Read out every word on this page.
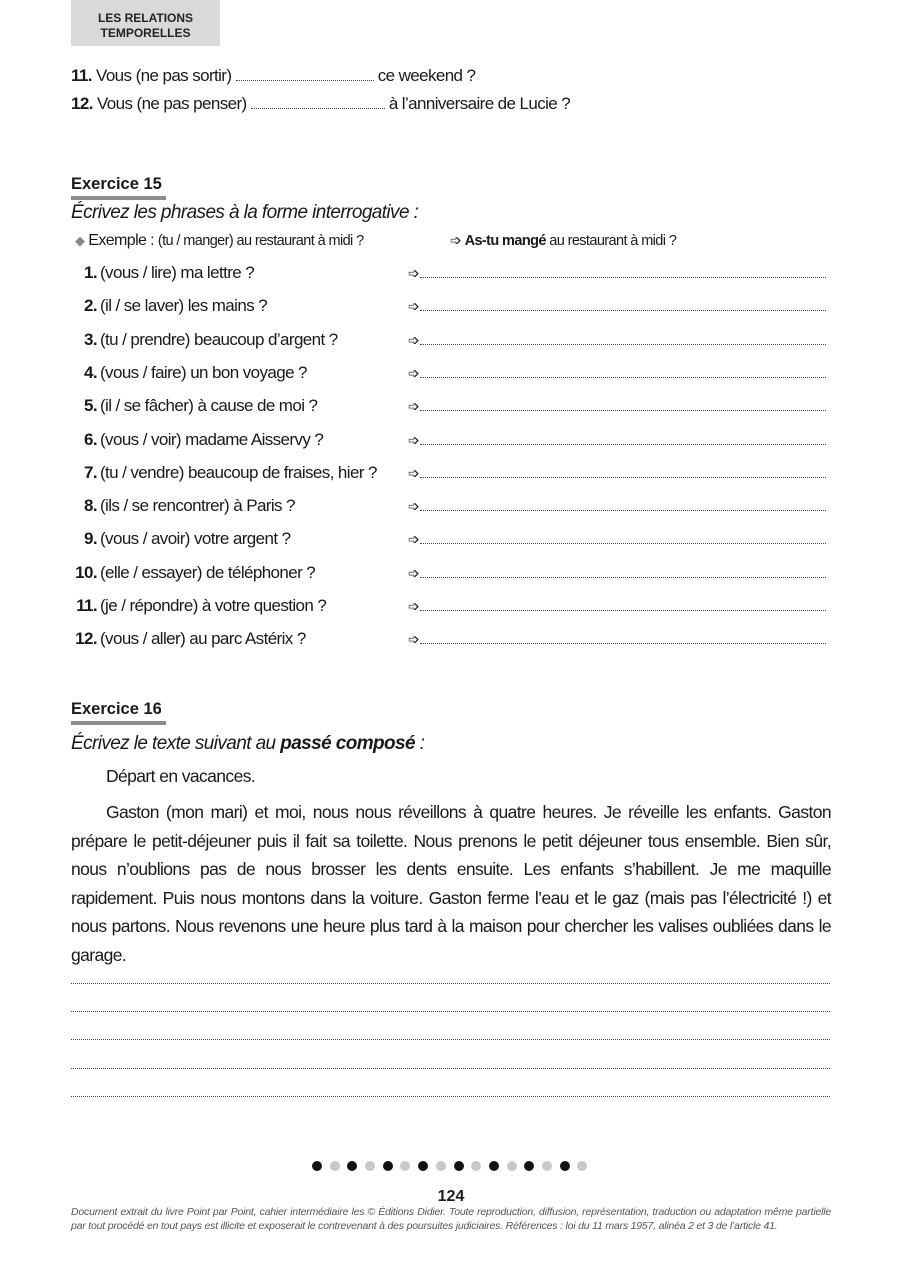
LES RELATIONS
TEMPORELLES
11. Vous (ne pas sortir)	ce weekend ?
12. Vous (ne pas penser)	à l’anniversaire de Lucie ?
Exercice 15
Écrivez les phrases à la forme interrogative :
◆ Exemple : (tu / manger) au restaurant à midi ?	➩ As-tu mangé au restaurant à midi ?
1. (vous / lire) ma lettre ?	➩
2. (il / se laver) les mains ?	➩
3. (tu / prendre) beaucoup d’argent ?	➩
4. (vous / faire) un bon voyage ?	➩
5. (il / se fâcher) à cause de moi ?	➩
6. (vous / voir) madame Aisservy ?	➩
7. (tu / vendre) beaucoup de fraises, hier ?	➩
8. (ils / se rencontrer) à Paris ?	➩
9. (vous / avoir) votre argent ?	➩
10. (elle / essayer) de téléphoner ?	➩
11. (je / répondre) à votre question ?	➩
12. (vous / aller) au parc Astérix ?	➩
Exercice 16
Écrivez le texte suivant au passé composé :
Départ en vacances.
Gaston (mon mari) et moi, nous nous réveillons à quatre heures. Je réveille les enfants. Gaston prépare le petit-déjeuner puis il fait sa toilette. Nous prenons le petit déjeuner tous ensemble. Bien sûr, nous n’oublions pas de nous brosser les dents ensuite. Les enfants s’habillent. Je me maquille rapidement. Puis nous montons dans la voiture. Gaston ferme l’eau et le gaz (mais pas l’électricité !) et nous partons. Nous revenons une heure plus tard à la maison pour chercher les valises oubliées dans le garage.
124
Document extrait du livre Point par Point, cahier intermédiaire les © Éditions Didier. Toute reproduction, diffusion, représentation, traduction ou adaptation même partielle par tout procédé en tout pays est illicite et exposerait le contrevenant à des poursuites judiciaires. Références : loi du 11 mars 1957, alinéa 2 et 3 de l’article 41.
